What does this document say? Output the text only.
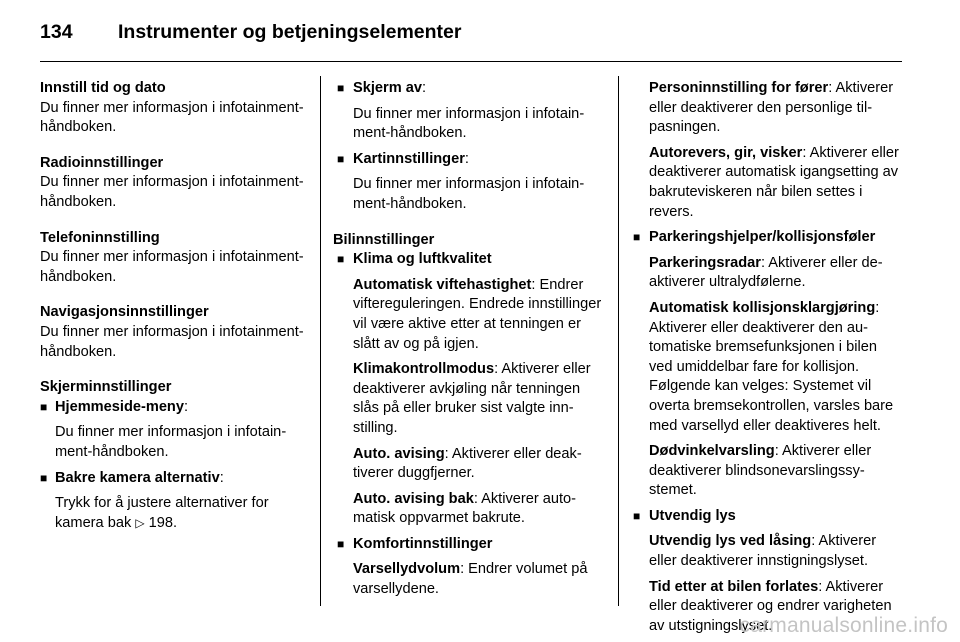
134 Instrumenter og betjeningselementer
Innstill tid og dato
Du finner mer informasjon i infotainment-håndboken.
Radioinnstillinger
Du finner mer informasjon i infotainment-håndboken.
Telefoninnstilling
Du finner mer informasjon i infotainment-håndboken.
Navigasjonsinnstillinger
Du finner mer informasjon i infotainment-håndboken.
Skjerminnstillinger
■ Hjemmeside-meny:
Du finner mer informasjon i infotainment-håndboken.
■ Bakre kamera alternativ:
Trykk for å justere alternativer for kamera bak ▷ 198.
■ Skjerm av:
Du finner mer informasjon i infotainment-håndboken.
■ Kartinnstillinger:
Du finner mer informasjon i infotainment-håndboken.
Bilinnstillinger
■ Klima og luftkvalitet
Automatisk viftehastighet: Endrer viftereguleringen. Endrede innstillinger vil være aktive etter at tenningen er slått av og på igjen.
Klimakontrollmodus: Aktiverer eller deaktiverer avkjøling når tenningen slås på eller bruker sist valgte innstilling.
Auto. avising: Aktiverer eller deaktiverer duggfjerner.
Auto. avising bak: Aktiverer automatisk oppvarmet bakrute.
■ Komfortinnstillinger
Varsellydvolum: Endrer volumet på varsellydene.
Personinnstilling for fører: Aktiverer eller deaktiverer den personlige tilpasningen.
Autorevers, gir, visker: Aktiverer eller deaktiverer automatisk igangsetting av bakruteviskeren når bilen settes i revers.
■ Parkeringshjelper/kollisjonsføler
Parkeringsradar: Aktiverer eller deaktiverer ultralydfølerne.
Automatisk kollisjonsklargjøring: Aktiverer eller deaktiverer den automatiske bremsefunksjonen i bilen ved umiddelbar fare for kollisjon. Følgende kan velges: Systemet vil overta bremsekontrollen, varsles bare med varsellyd eller deaktiveres helt.
Dødvinkelvarsling: Aktiverer eller deaktiverer blindsonevarslingssystemet.
■ Utvendig lys
Utvendig lys ved låsing: Aktiverer eller deaktiverer innstigningslyset.
Tid etter at bilen forlates: Aktiverer eller deaktiverer og endrer varigheten av utstigningslyset.
carmanualsonline.info
